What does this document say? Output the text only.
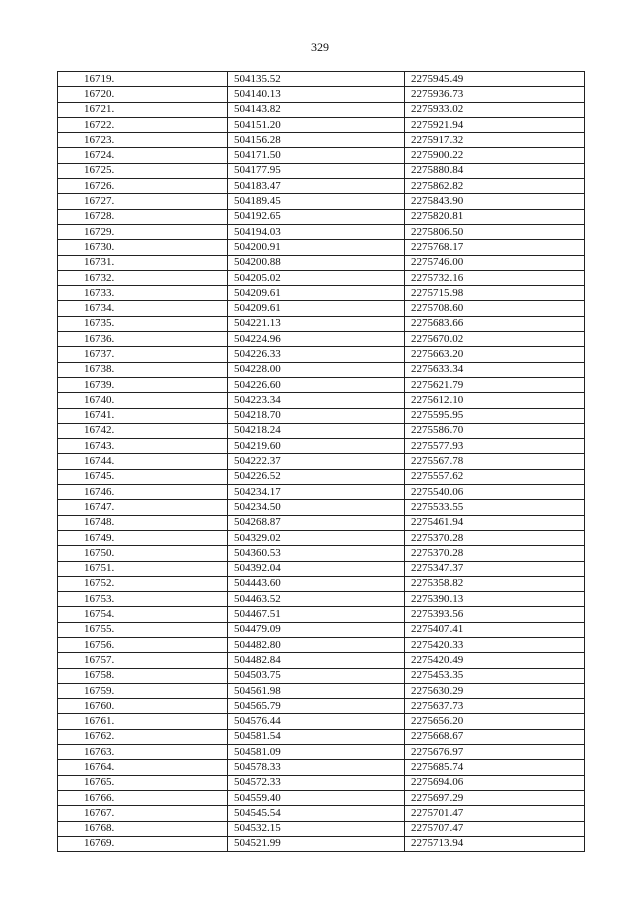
329
16719.	504135.52	2275945.49
16720.	504140.13	2275936.73
16721.	504143.82	2275933.02
16722.	504151.20	2275921.94
16723.	504156.28	2275917.32
16724.	504171.50	2275900.22
16725.	504177.95	2275880.84
16726.	504183.47	2275862.82
16727.	504189.45	2275843.90
16728.	504192.65	2275820.81
16729.	504194.03	2275806.50
16730.	504200.91	2275768.17
16731.	504200.88	2275746.00
16732.	504205.02	2275732.16
16733.	504209.61	2275715.98
16734.	504209.61	2275708.60
16735.	504221.13	2275683.66
16736.	504224.96	2275670.02
16737.	504226.33	2275663.20
16738.	504228.00	2275633.34
16739.	504226.60	2275621.79
16740.	504223.34	2275612.10
16741.	504218.70	2275595.95
16742.	504218.24	2275586.70
16743.	504219.60	2275577.93
16744.	504222.37	2275567.78
16745.	504226.52	2275557.62
16746.	504234.17	2275540.06
16747.	504234.50	2275533.55
16748.	504268.87	2275461.94
16749.	504329.02	2275370.28
16750.	504360.53	2275370.28
16751.	504392.04	2275347.37
16752.	504443.60	2275358.82
16753.	504463.52	2275390.13
16754.	504467.51	2275393.56
16755.	504479.09	2275407.41
16756.	504482.80	2275420.33
16757.	504482.84	2275420.49
16758.	504503.75	2275453.35
16759.	504561.98	2275630.29
16760.	504565.79	2275637.73
16761.	504576.44	2275656.20
16762.	504581.54	2275668.67
16763.	504581.09	2275676.97
16764.	504578.33	2275685.74
16765.	504572.33	2275694.06
16766.	504559.40	2275697.29
16767.	504545.54	2275701.47
16768.	504532.15	2275707.47
16769.	504521.99	2275713.94
